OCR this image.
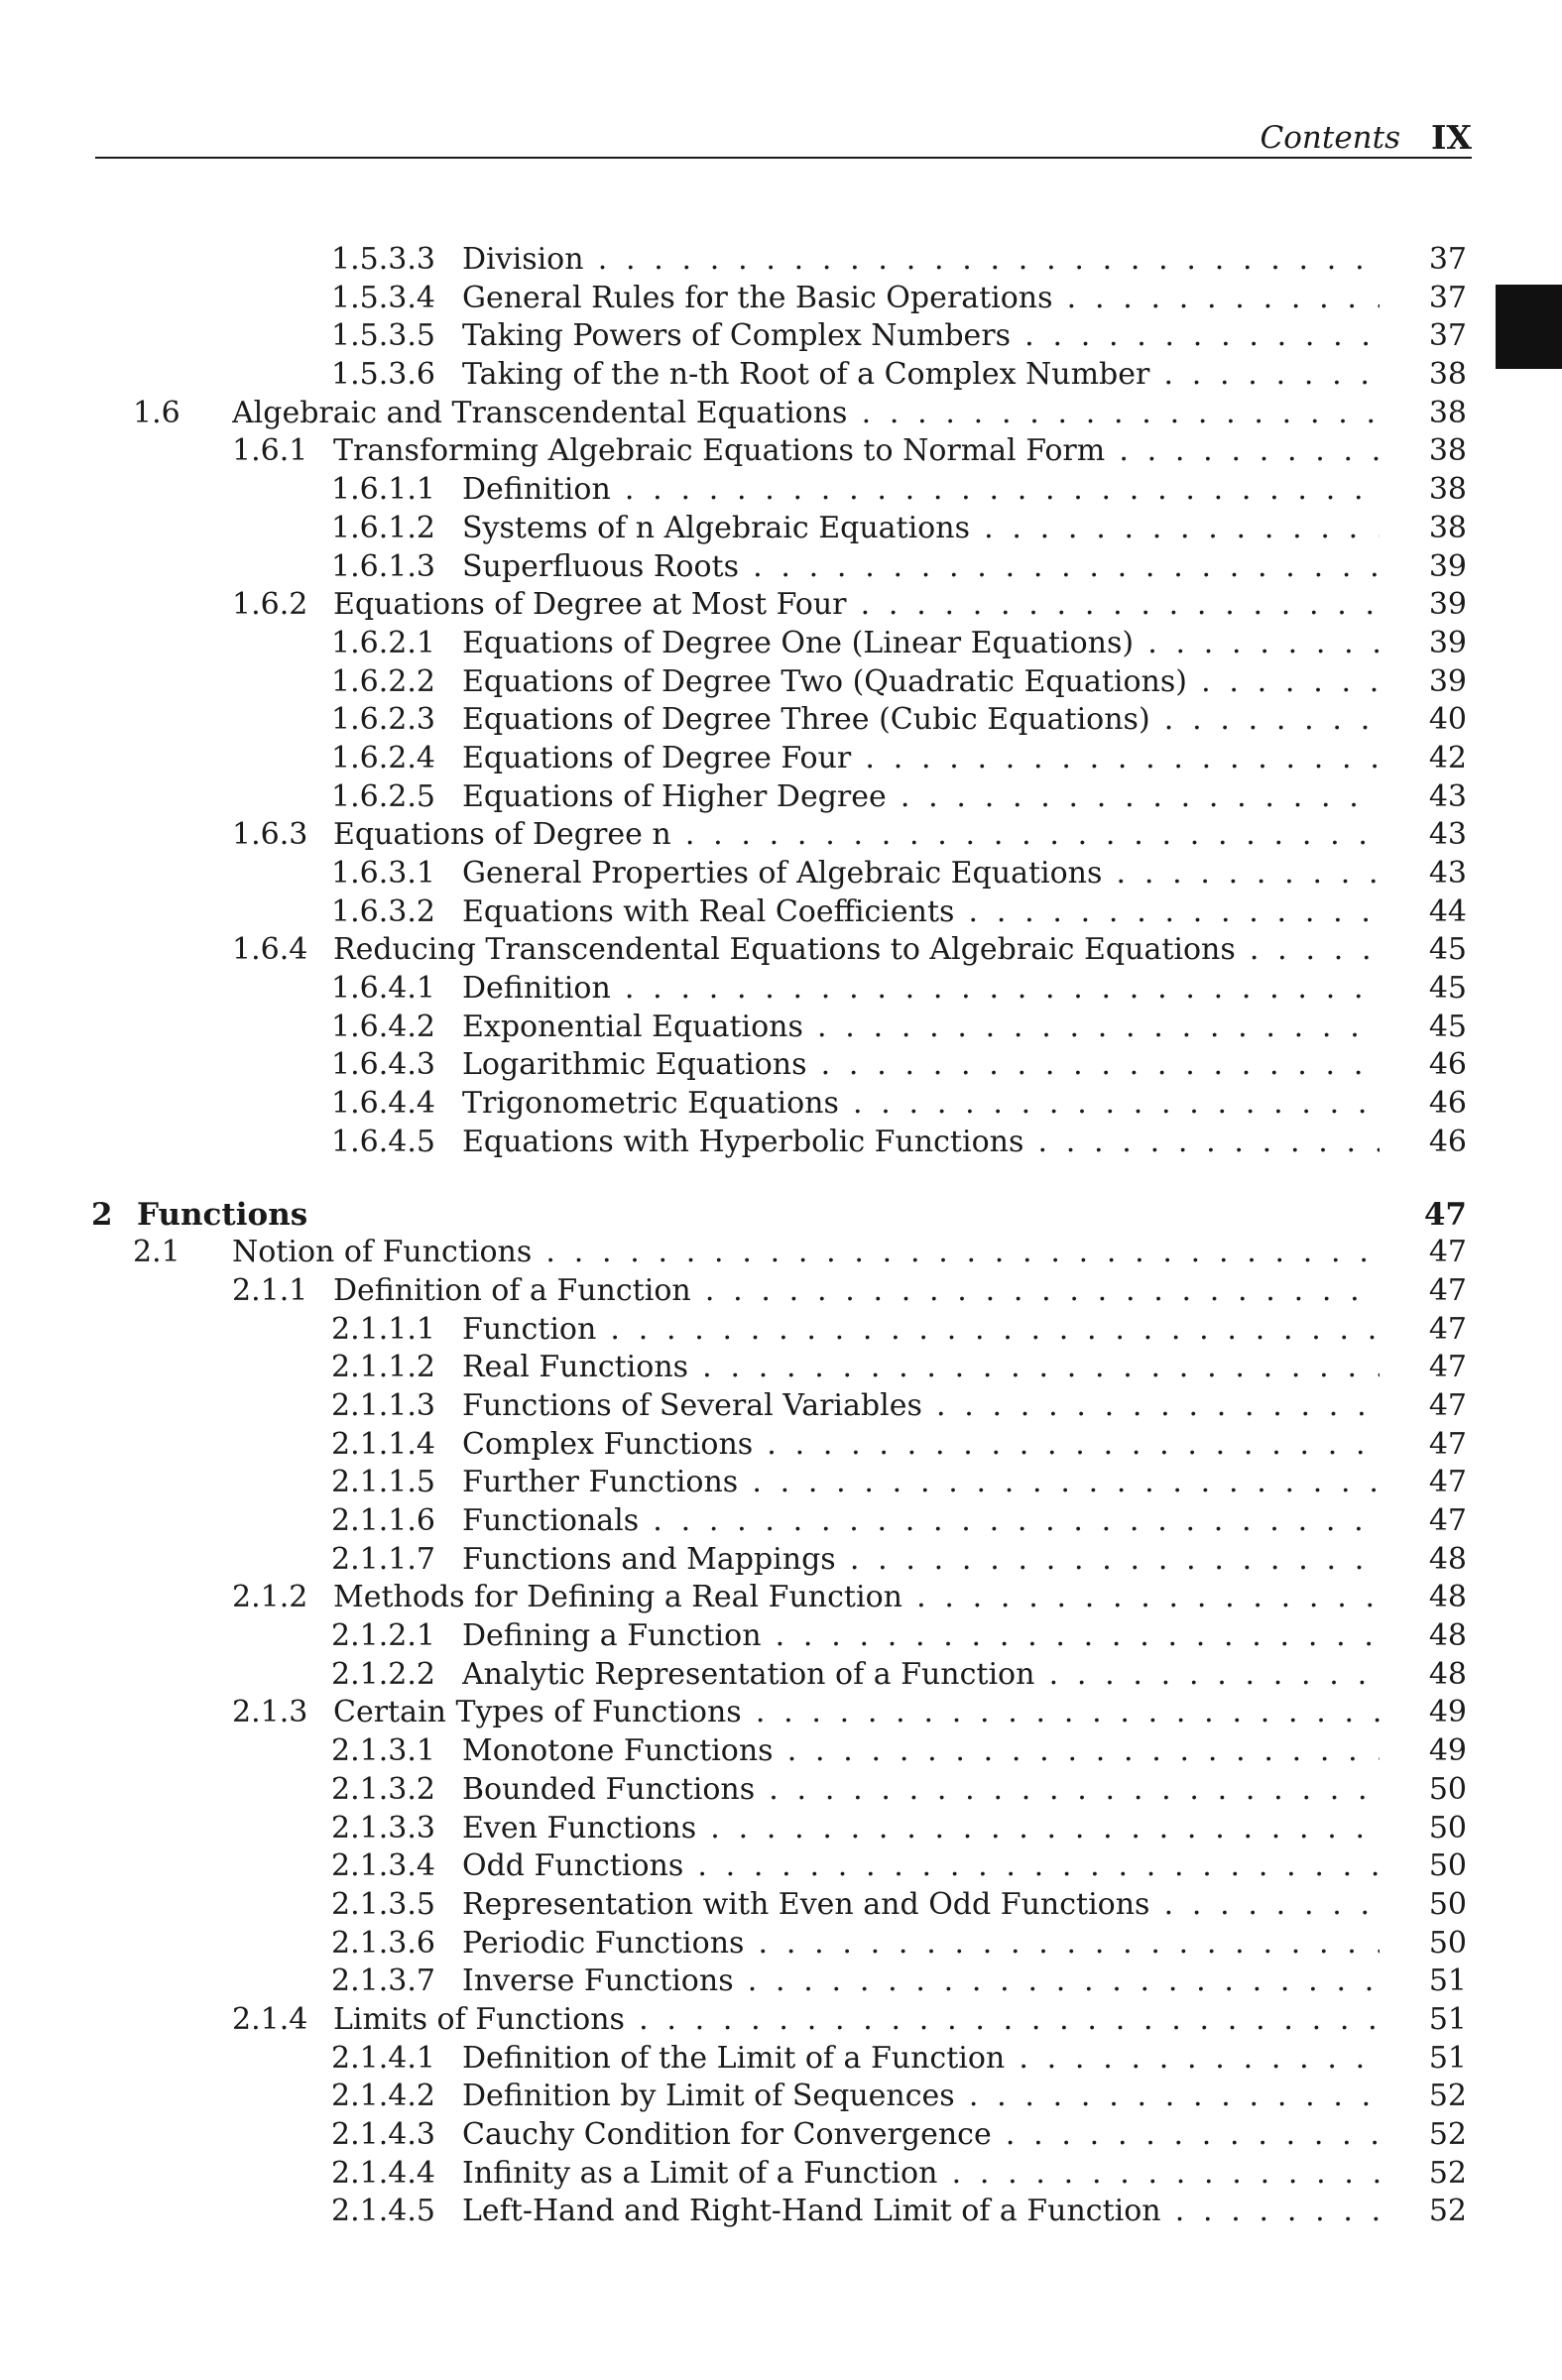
Contents IX
1.5.3.3 Division . . .	37
1.5.3.4 General Rules for the Basic Operations . . .	37
1.5.3.5 Taking Powers of Complex Numbers . . .	37
1.5.3.6 Taking of the n-th Root of a Complex Number . . .	38
1.6 Algebraic and Transcendental Equations . . .	38
1.6.1 Transforming Algebraic Equations to Normal Form . . .	38
1.6.1.1 Definition . . .	38
1.6.1.2 Systems of n Algebraic Equations . . .	38
1.6.1.3 Superfluous Roots . . .	39
1.6.2 Equations of Degree at Most Four . . .	39
1.6.2.1 Equations of Degree One (Linear Equations) . . .	39
1.6.2.2 Equations of Degree Two (Quadratic Equations) . . .	39
1.6.2.3 Equations of Degree Three (Cubic Equations) . . .	40
1.6.2.4 Equations of Degree Four . . .	42
1.6.2.5 Equations of Higher Degree . . .	43
1.6.3 Equations of Degree n . . .	43
1.6.3.1 General Properties of Algebraic Equations . . .	43
1.6.3.2 Equations with Real Coefficients . . .	44
1.6.4 Reducing Transcendental Equations to Algebraic Equations . . .	45
1.6.4.1 Definition . . .	45
1.6.4.2 Exponential Equations . . .	45
1.6.4.3 Logarithmic Equations . . .	46
1.6.4.4 Trigonometric Equations . . .	46
1.6.4.5 Equations with Hyperbolic Functions . . .	46
2 Functions	47
2.1 Notion of Functions . . .	47
2.1.1 Definition of a Function . . .	47
2.1.1.1 Function . . .	47
2.1.1.2 Real Functions . . .	47
2.1.1.3 Functions of Several Variables . . .	47
2.1.1.4 Complex Functions . . .	47
2.1.1.5 Further Functions . . .	47
2.1.1.6 Functionals . . .	47
2.1.1.7 Functions and Mappings . . .	48
2.1.2 Methods for Defining a Real Function . . .	48
2.1.2.1 Defining a Function . . .	48
2.1.2.2 Analytic Representation of a Function . . .	48
2.1.3 Certain Types of Functions . . .	49
2.1.3.1 Monotone Functions . . .	49
2.1.3.2 Bounded Functions . . .	50
2.1.3.3 Even Functions . . .	50
2.1.3.4 Odd Functions . . .	50
2.1.3.5 Representation with Even and Odd Functions . . .	50
2.1.3.6 Periodic Functions . . .	50
2.1.3.7 Inverse Functions . . .	51
2.1.4 Limits of Functions . . .	51
2.1.4.1 Definition of the Limit of a Function . . .	51
2.1.4.2 Definition by Limit of Sequences . . .	52
2.1.4.3 Cauchy Condition for Convergence . . .	52
2.1.4.4 Infinity as a Limit of a Function . . .	52
2.1.4.5 Left-Hand and Right-Hand Limit of a Function . . .	52
